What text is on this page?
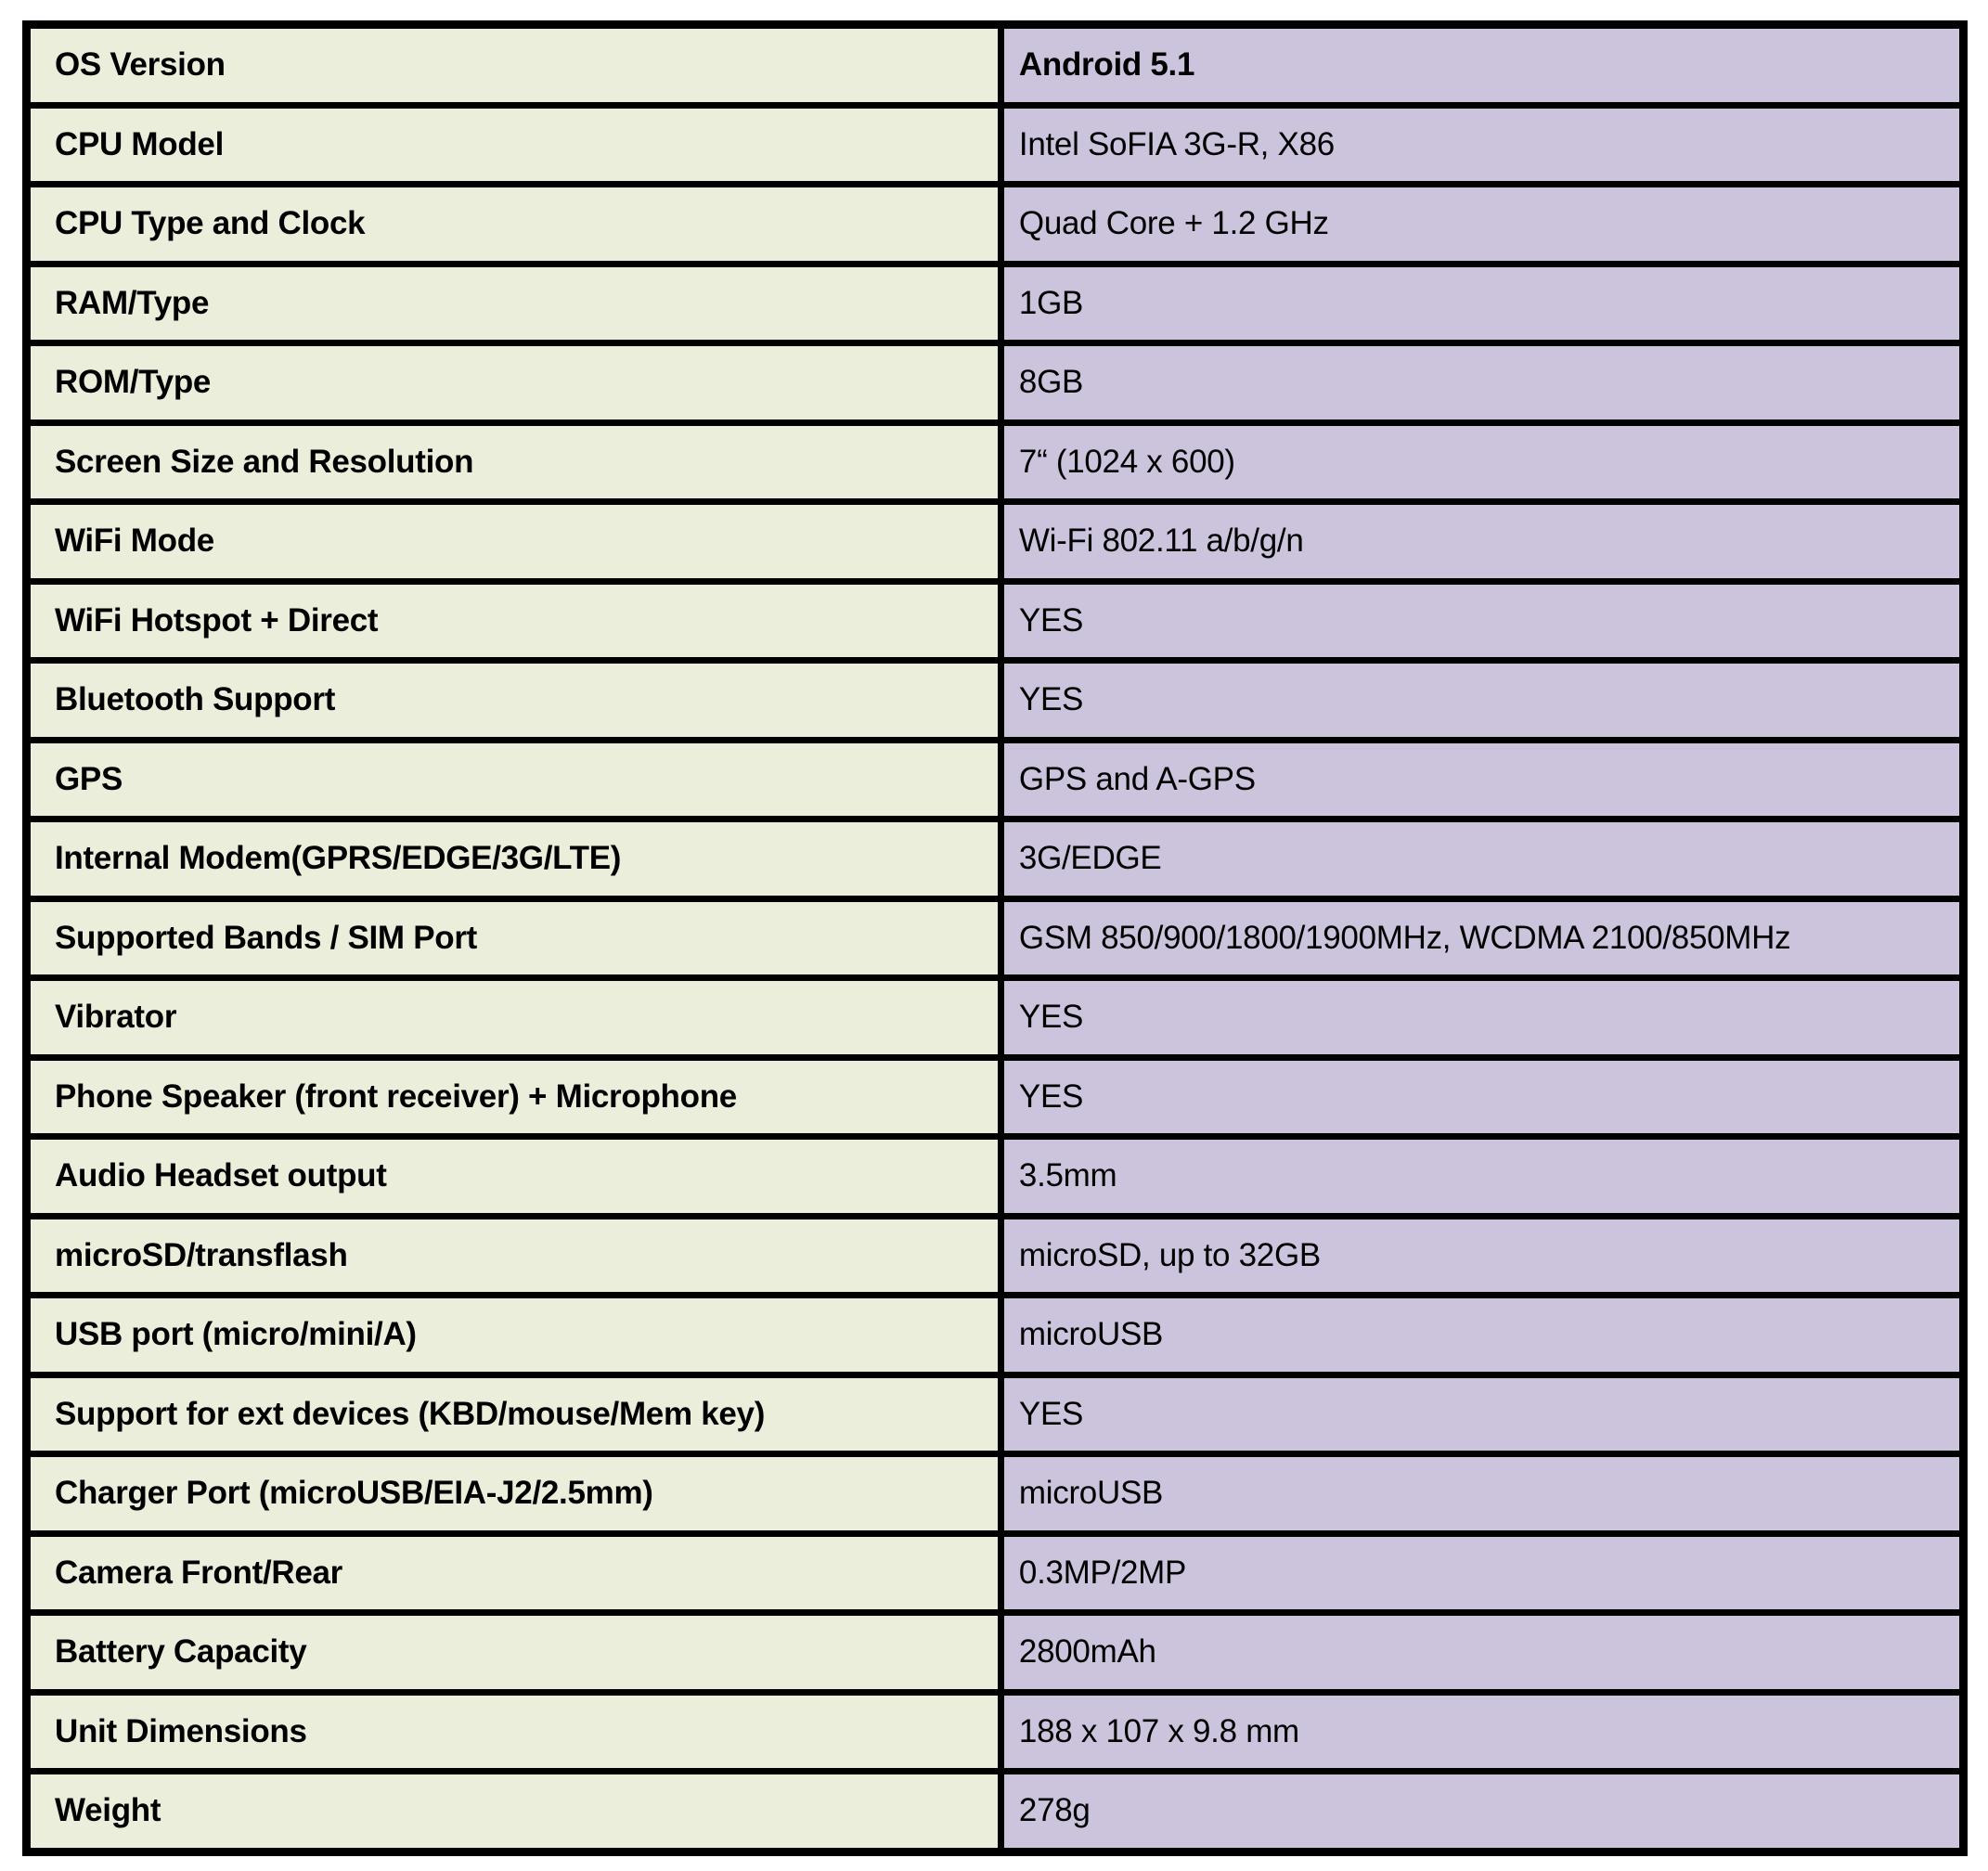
OS Version	Android 5.1
CPU Model	Intel SoFIA 3G-R, X86
CPU Type and Clock	Quad Core + 1.2 GHz
RAM/Type	1GB
ROM/Type	8GB
Screen Size and Resolution	7“ (1024 x 600)
WiFi Mode	Wi-Fi 802.11 a/b/g/n
WiFi Hotspot + Direct	YES
Bluetooth Support	YES
GPS	GPS and A-GPS
Internal Modem(GPRS/EDGE/3G/LTE)	3G/EDGE
Supported Bands / SIM Port	GSM 850/900/1800/1900MHz, WCDMA 2100/850MHz
Vibrator	YES
Phone Speaker (front receiver) + Microphone	YES
Audio Headset output	3.5mm
microSD/transflash	microSD, up to 32GB
USB port (micro/mini/A)	microUSB
Support for ext devices (KBD/mouse/Mem key)	YES
Charger Port (microUSB/EIA-J2/2.5mm)	microUSB
Camera Front/Rear	0.3MP/2MP
Battery Capacity	2800mAh
Unit Dimensions	188 x 107 x 9.8 mm
Weight	278g
